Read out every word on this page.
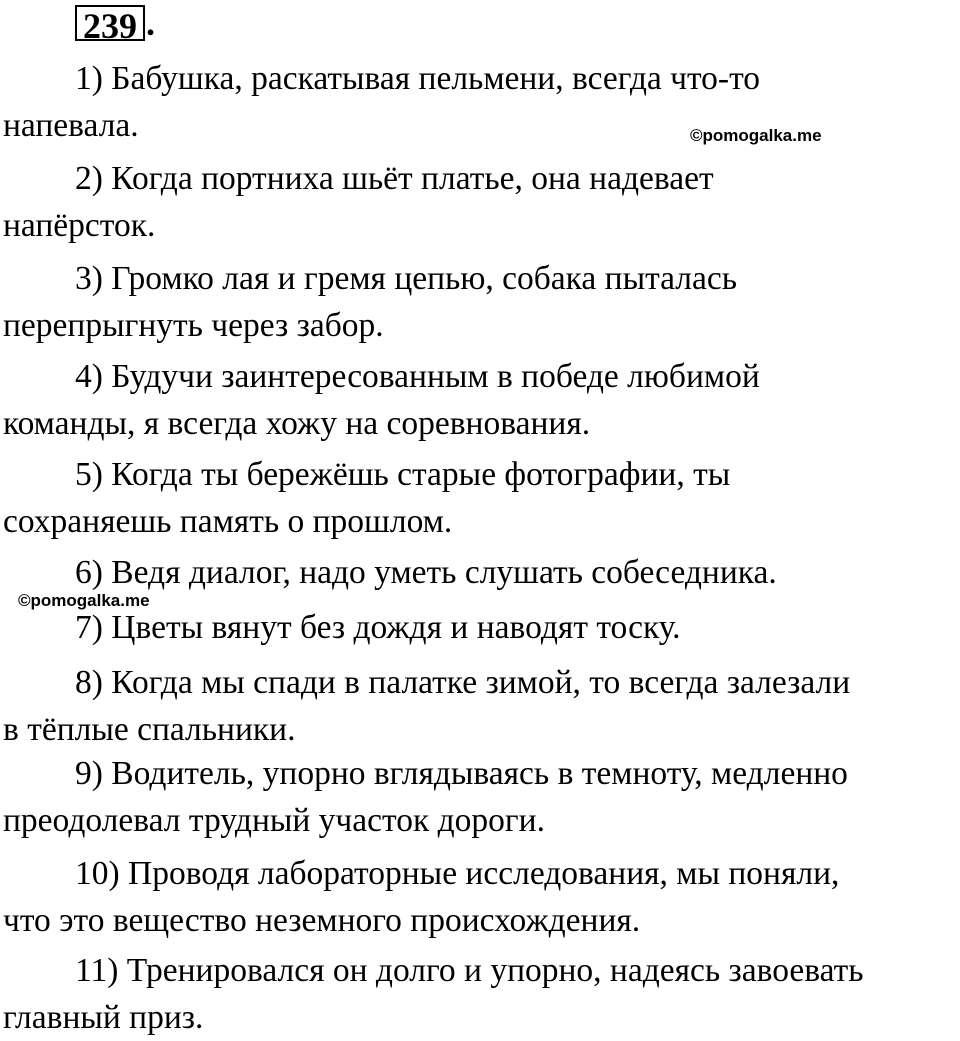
239 .
©pomogalka.me
©pomogalka.me
1) Бабушка, раскатывая пельмени, всегда что-то
напевала.
2) Когда портниха шьёт платье, она надевает
напёрсток.
3) Громко лая и гремя цепью, собака пыталась
перепрыгнуть через забор.
4) Будучи заинтересованным в победе любимой
команды, я всегда хожу на соревнования.
5) Когда ты бережёшь старые фотографии, ты
сохраняешь память о прошлом.
6) Ведя диалог, надо уметь слушать собеседника.
7) Цветы вянут без дождя и наводят тоску.
8) Когда мы спади в палатке зимой, то всегда залезали
в тёплые спальники.
9) Водитель, упорно вглядываясь в темноту, медленно
преодолевал трудный участок дороги.
10) Проводя лабораторные исследования, мы поняли,
что это вещество неземного происхождения.
11) Тренировался он долго и упорно, надеясь завоевать
главный приз.
